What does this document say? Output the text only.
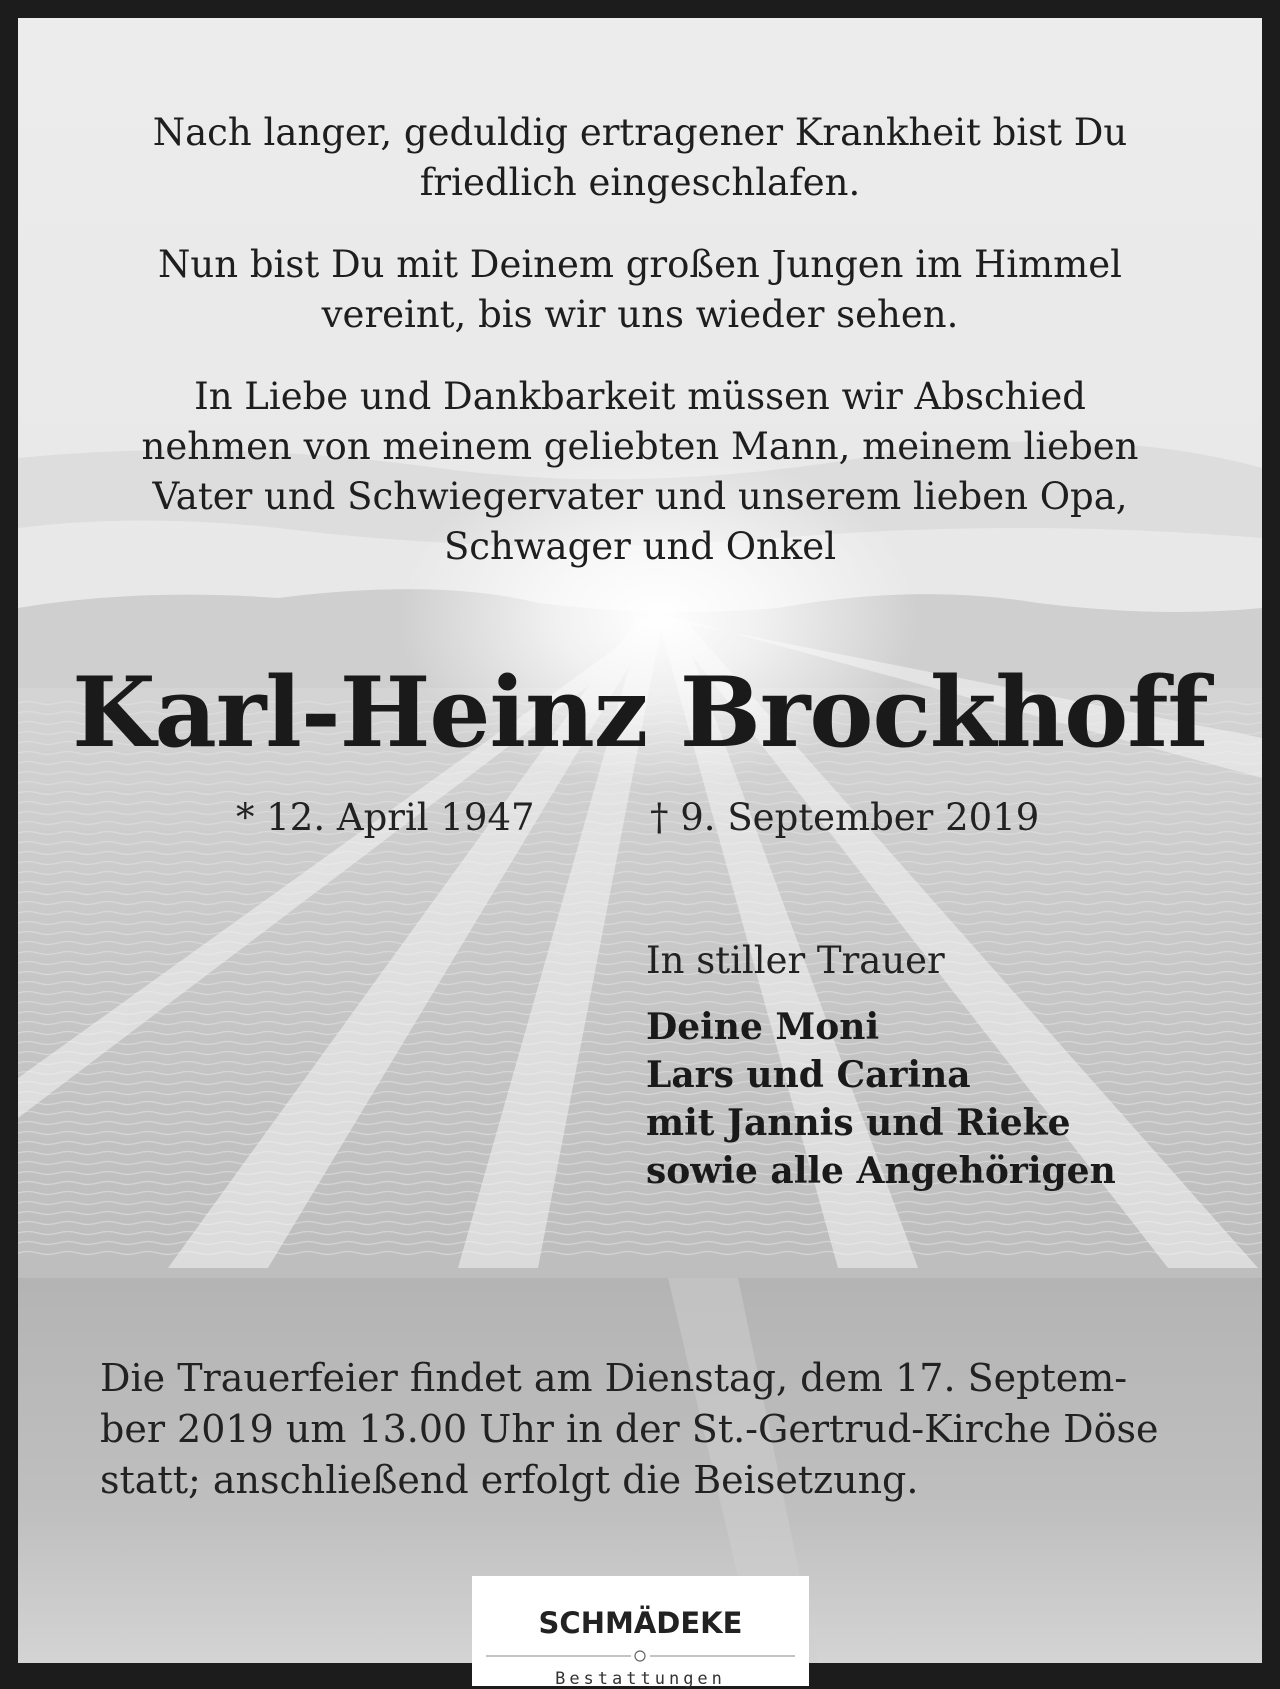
Nach langer, geduldig ertragener Krankheit bist Du
friedlich eingeschlafen.
Nun bist Du mit Deinem großen Jungen im Himmel
vereint, bis wir uns wieder sehen.
In Liebe und Dankbarkeit müssen wir Abschied
nehmen von meinem geliebten Mann, meinem lieben
Vater und Schwiegervater und unserem lieben Opa,
Schwager und Onkel
Karl-Heinz Brockhoff
* 12. April 1947	† 9. September 2019
In stiller Trauer
Deine Moni
Lars und Carina
mit Jannis und Rieke
sowie alle Angehörigen
Die Trauerfeier findet am Dienstag, dem 17. Septem-
ber 2019 um 13.00 Uhr in der St.-Gertrud-Kirche Döse
statt; anschließend erfolgt die Beisetzung.
SCHMÄDEKE
Bestattungen
